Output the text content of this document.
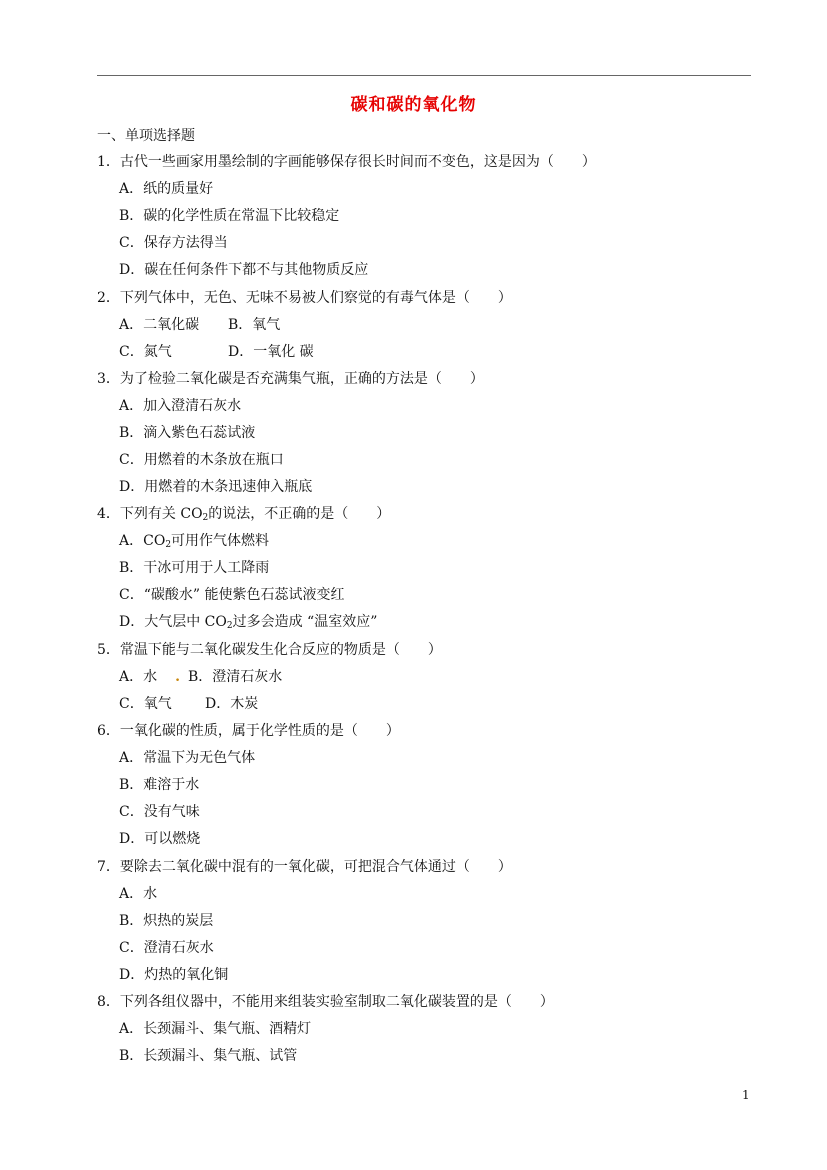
碳和碳的氧化物
一、单项选择题
1．古代一些画家用墨绘制的字画能够保存很长时间而不变色，这是因为（　　）
A．纸的质量好
B．碳的化学性质在常温下比较稳定
C．保存方法得当
D．碳在任何条件下都不与其他物质反应
2．下列气体中，无色、无味不易被人们察觉的有毒气体是（　　）
A．二氧化碳 B．氧气
C．氮气	D．一氧化 碳
3．为了检验二氧化碳是否充满集气瓶，正确的方法是（　　）
A．加入澄清石灰水
B．滴入紫色石蕊试液
C．用燃着的木条放在瓶口
D．用燃着的木条迅速伸入瓶底
4．下列有关 $CO_2$的说法，不正确的是（　　）
A．$CO_2$可用作气体燃料
B．干冰可用于人工降雨
C．“碳酸水” 能使紫色石蕊试液变红
D．大气层中 $CO_2$过多会造成 “温室效应”
5．常温下能与二氧化碳发生化合反应的物质是（　　）
A．水 . B．澄清石灰水
C．氧气 D．木炭
6．一氧化碳的性质，属于化学性质的是（　　）
A．常温下为无色气体
B．难溶于水
C．没有气味
D．可以燃烧
7．要除去二氧化碳中混有的一氧化碳，可把混合气体通过（　　）
A．水
B．炽热的炭层
C．澄清石灰水
D．灼热的氧化铜
8．下列各组仪器中，不能用来组装实验室制取二氧化碳装置的是（　　）
A．长颈漏斗、集气瓶、酒精灯
B．长颈漏斗、集气瓶、试管
1
